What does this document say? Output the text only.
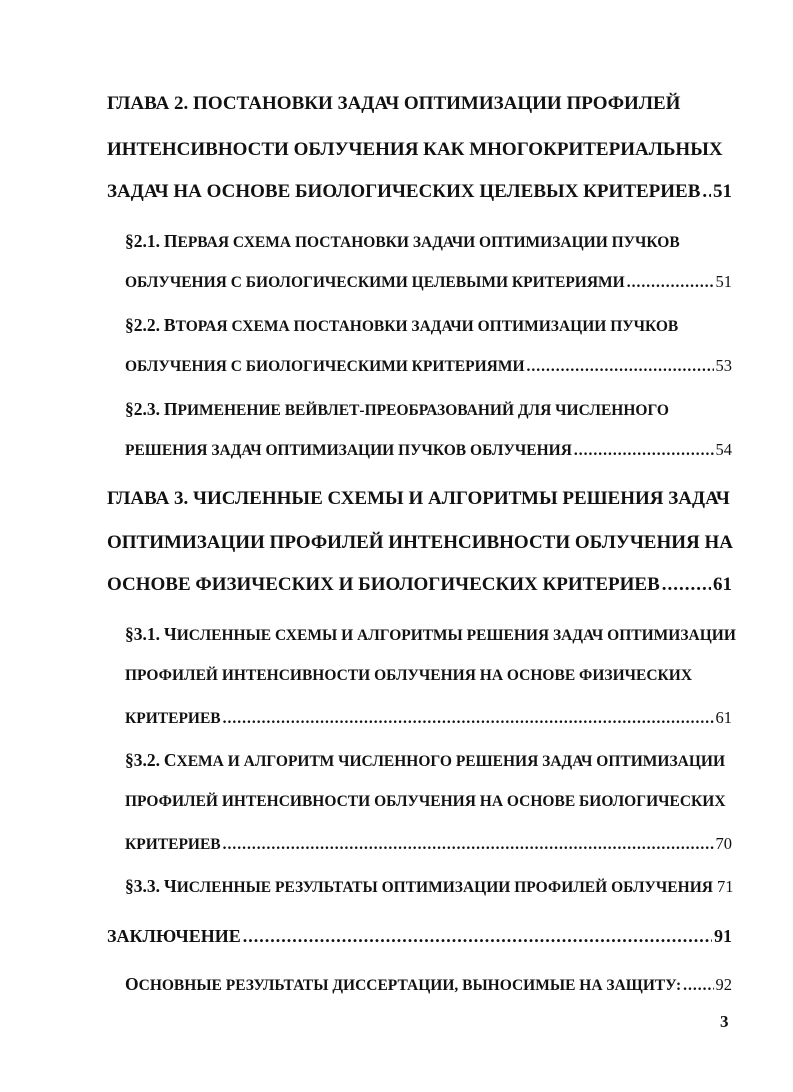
ГЛАВА 2. ПОСТАНОВКИ ЗАДАЧ ОПТИМИЗАЦИИ ПРОФИЛЕЙ
ИНТЕНСИВНОСТИ ОБЛУЧЕНИЯ КАК МНОГОКРИТЕРИАЛЬНЫХ
ЗАДАЧ НА ОСНОВЕ БИОЛОГИЧЕСКИХ ЦЕЛЕВЫХ КРИТЕРИЕВ ..... 51
§2.1. ПЕРВАЯ СХЕМА ПОСТАНОВКИ ЗАДАЧИ ОПТИМИЗАЦИИ ПУЧКОВ
ОБЛУЧЕНИЯ С БИОЛОГИЧЕСКИМИ ЦЕЛЕВЫМИ КРИТЕРИЯМИ .....	51
§2.2. ВТОРАЯ СХЕМА ПОСТАНОВКИ ЗАДАЧИ ОПТИМИЗАЦИИ ПУЧКОВ
ОБЛУЧЕНИЯ С БИОЛОГИЧЕСКИМИ КРИТЕРИЯМИ .....	53
§2.3. ПРИМЕНЕНИЕ ВЕЙВЛЕТ-ПРЕОБРАЗОВАНИЙ ДЛЯ ЧИСЛЕННОГО
РЕШЕНИЯ ЗАДАЧ ОПТИМИЗАЦИИ ПУЧКОВ ОБЛУЧЕНИЯ .....	54
ГЛАВА 3. ЧИСЛЕННЫЕ СХЕМЫ И АЛГОРИТМЫ РЕШЕНИЯ ЗАДАЧ
ОПТИМИЗАЦИИ ПРОФИЛЕЙ ИНТЕНСИВНОСТИ ОБЛУЧЕНИЯ НА
ОСНОВЕ ФИЗИЧЕСКИХ И БИОЛОГИЧЕСКИХ КРИТЕРИЕВ .....	61
§3.1. ЧИСЛЕННЫЕ СХЕМЫ И АЛГОРИТМЫ РЕШЕНИЯ ЗАДАЧ ОПТИМИЗАЦИИ
ПРОФИЛЕЙ ИНТЕНСИВНОСТИ ОБЛУЧЕНИЯ НА ОСНОВЕ ФИЗИЧЕСКИХ
КРИТЕРИЕВ .....	61
§3.2. СХЕМА И АЛГОРИТМ ЧИСЛЕННОГО РЕШЕНИЯ ЗАДАЧ ОПТИМИЗАЦИИ
ПРОФИЛЕЙ ИНТЕНСИВНОСТИ ОБЛУЧЕНИЯ НА ОСНОВЕ БИОЛОГИЧЕСКИХ
КРИТЕРИЕВ .....	70
§3.3. ЧИСЛЕННЫЕ РЕЗУЛЬТАТЫ ОПТИМИЗАЦИИ ПРОФИЛЕЙ ОБЛУЧЕНИЯ 71
ЗАКЛЮЧЕНИЕ .....	91
ОСНОВНЫЕ РЕЗУЛЬТАТЫ ДИССЕРТАЦИИ, ВЫНОСИМЫЕ НА ЗАЩИТУ: ..... 92
3
